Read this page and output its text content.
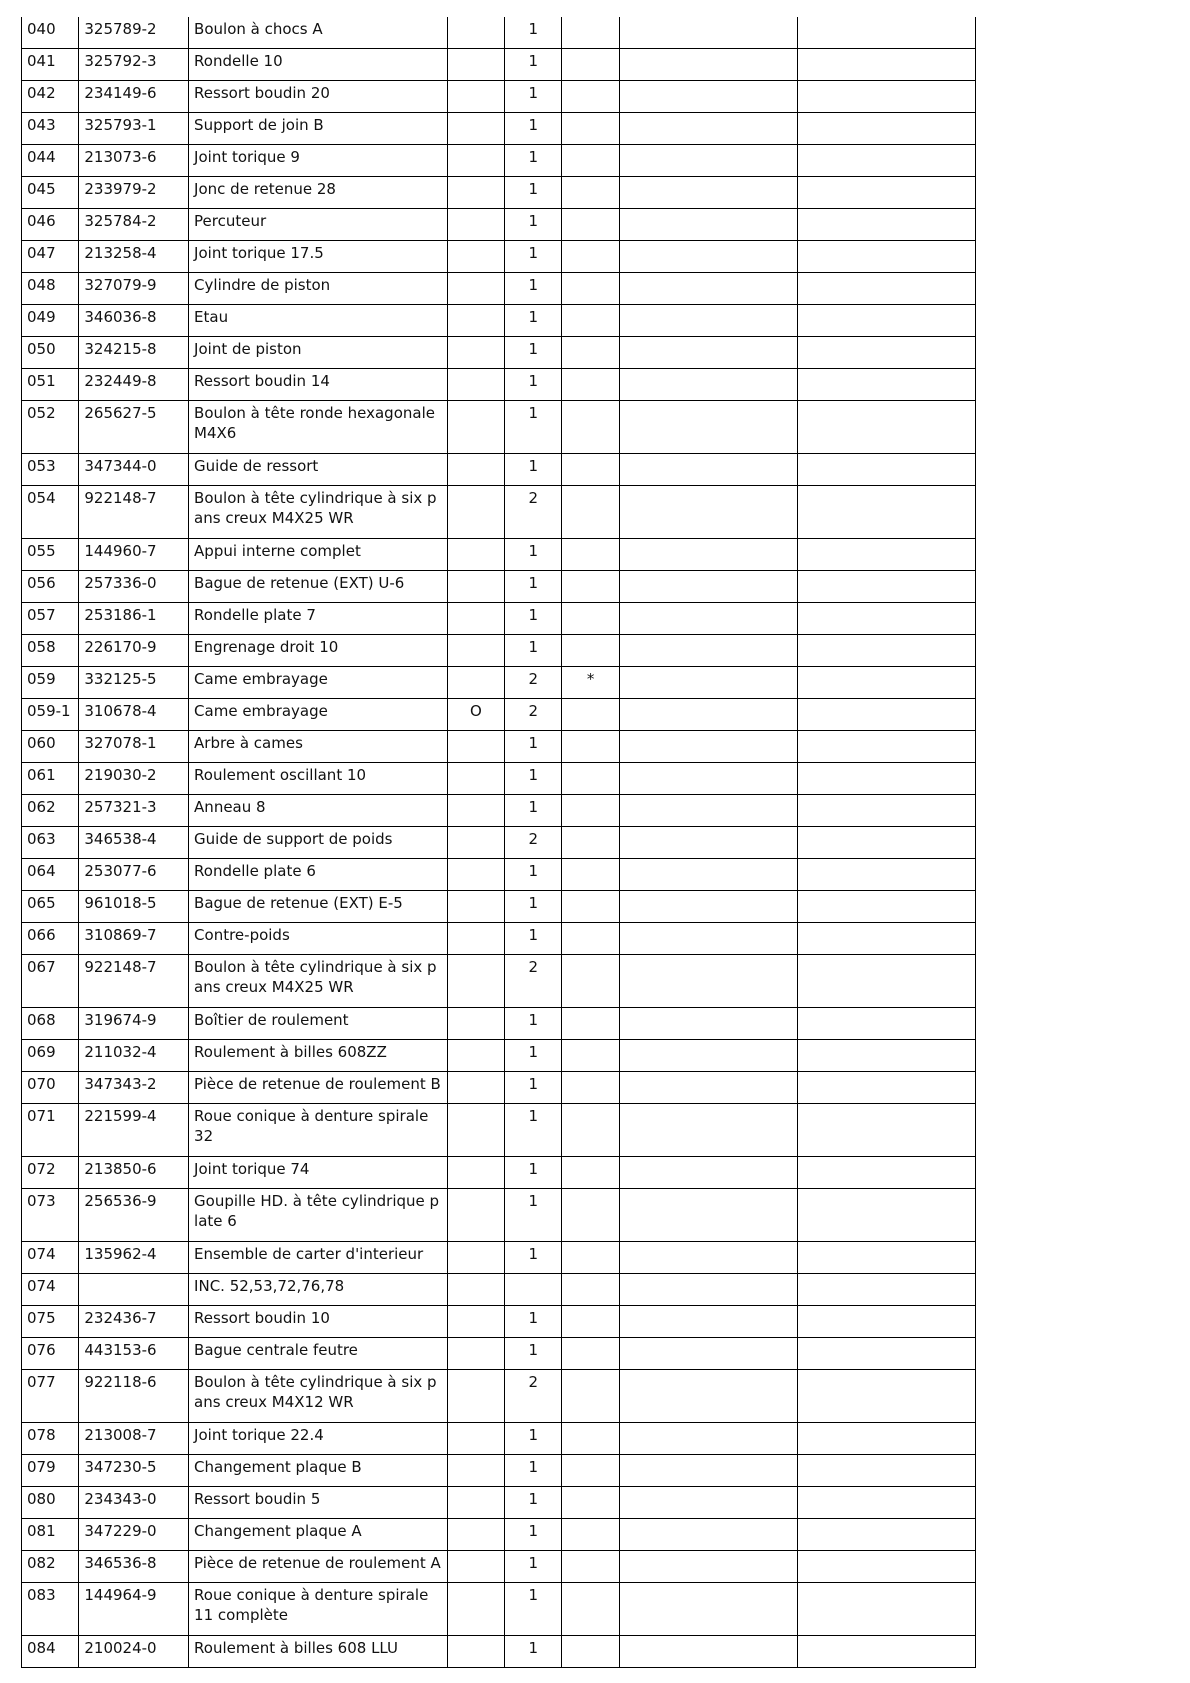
040	325789-2	Boulon à chocs A		1			
041	325792-3	Rondelle 10		1			
042	234149-6	Ressort boudin 20		1			
043	325793-1	Support de join B		1			
044	213073-6	Joint torique 9		1			
045	233979-2	Jonc de retenue 28		1			
046	325784-2	Percuteur		1			
047	213258-4	Joint torique 17.5		1			
048	327079-9	Cylindre de piston		1			
049	346036-8	Etau		1			
050	324215-8	Joint de piston		1			
051	232449-8	Ressort boudin 14		1			
052	265627-5	Boulon à tête ronde hexagonale M4X6		1			
053	347344-0	Guide de ressort		1			
054	922148-7	Boulon à tête cylindrique à six pans creux M4X25 WR		2			
055	144960-7	Appui interne complet		1			
056	257336-0	Bague de retenue (EXT) U-6		1			
057	253186-1	Rondelle plate 7		1			
058	226170-9	Engrenage droit 10		1			
059	332125-5	Came embrayage		2	*		
059-1	310678-4	Came embrayage	O	2			
060	327078-1	Arbre à cames		1			
061	219030-2	Roulement oscillant 10		1			
062	257321-3	Anneau 8		1			
063	346538-4	Guide de support de poids		2			
064	253077-6	Rondelle plate 6		1			
065	961018-5	Bague de retenue (EXT) E-5		1			
066	310869-7	Contre-poids		1			
067	922148-7	Boulon à tête cylindrique à six pans creux M4X25 WR		2			
068	319674-9	Boîtier de roulement		1			
069	211032-4	Roulement à billes 608ZZ		1			
070	347343-2	Pièce de retenue de roulement B		1			
071	221599-4	Roue conique à denture spirale 32		1			
072	213850-6	Joint torique 74		1			
073	256536-9	Goupille HD. à tête cylindrique plate 6		1			
074	135962-4	Ensemble de carter d'interieur		1			
074		INC. 52,53,72,76,78					
075	232436-7	Ressort boudin 10		1			
076	443153-6	Bague centrale feutre		1			
077	922118-6	Boulon à tête cylindrique à six pans creux M4X12 WR		2			
078	213008-7	Joint torique 22.4		1			
079	347230-5	Changement plaque B		1			
080	234343-0	Ressort boudin 5		1			
081	347229-0	Changement plaque A		1			
082	346536-8	Pièce de retenue de roulement A		1			
083	144964-9	Roue conique à denture spirale 11 complète		1			
084	210024-0	Roulement à billes 608 LLU		1			
